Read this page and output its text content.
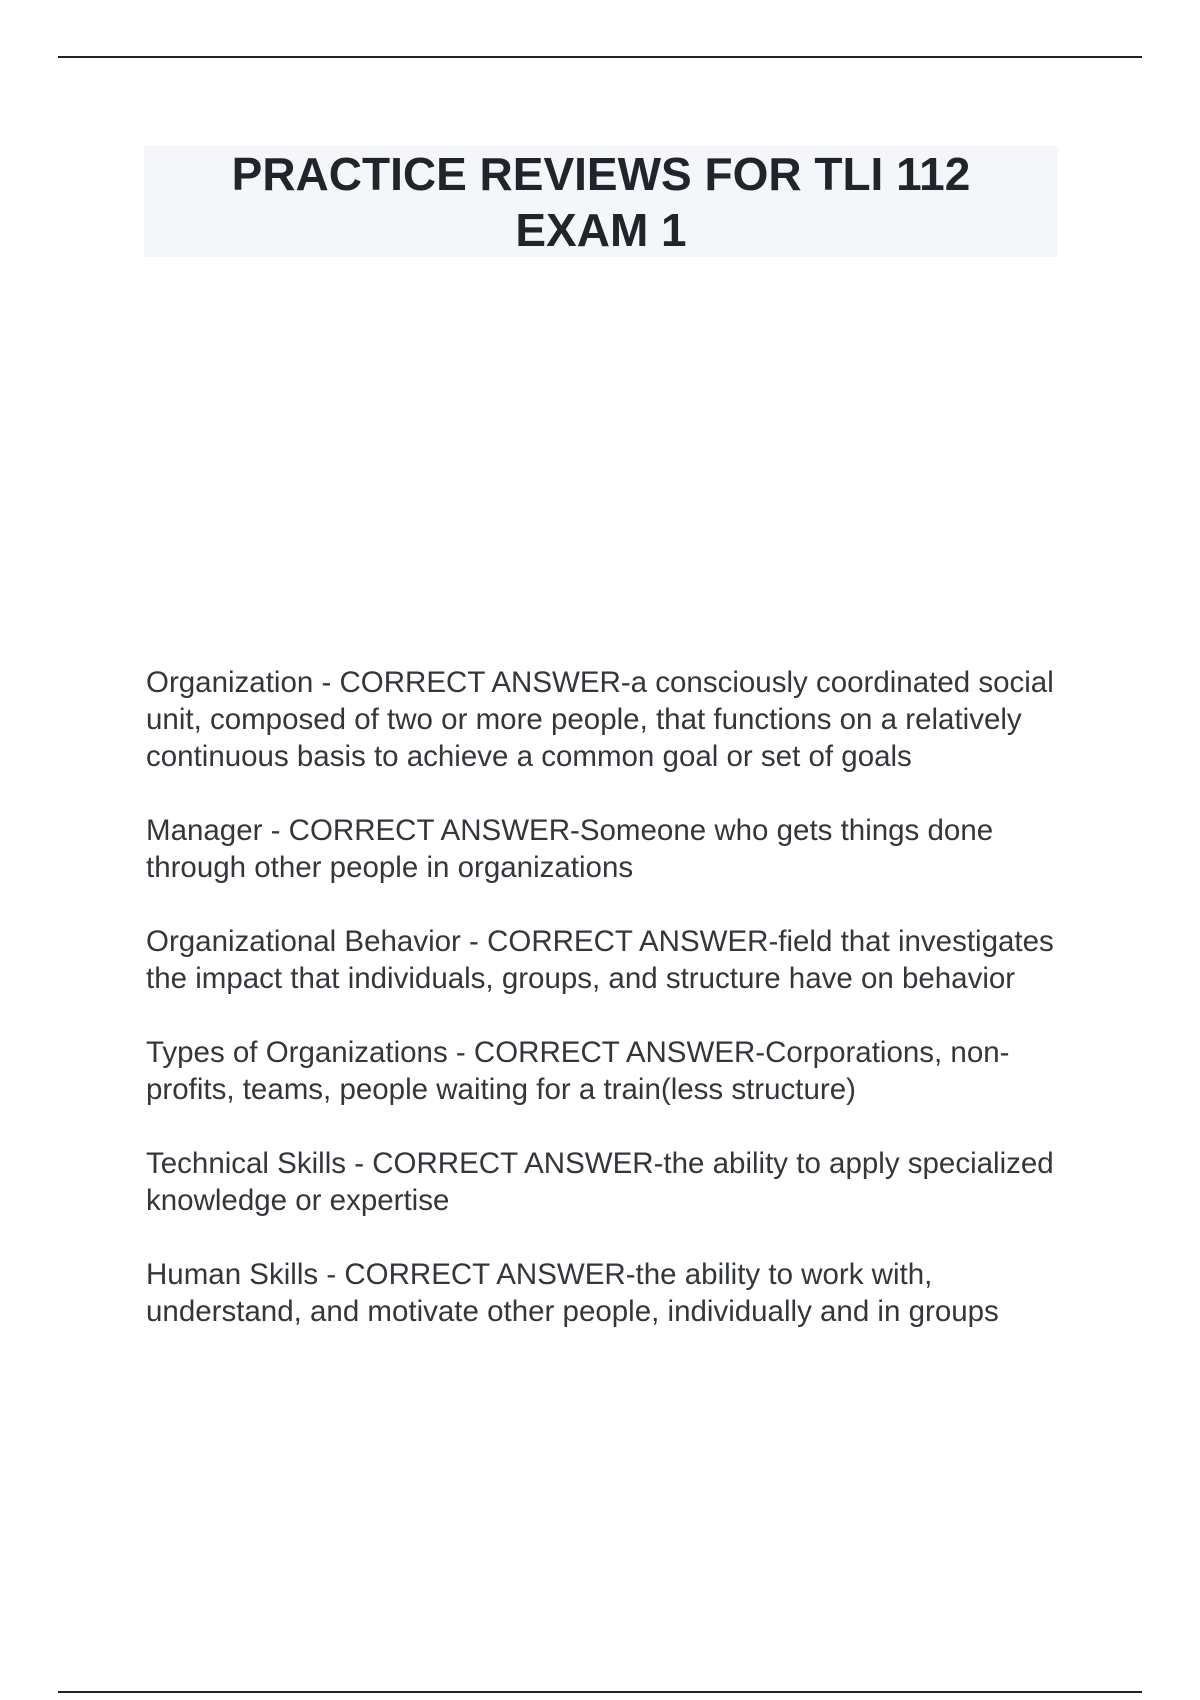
PRACTICE REVIEWS FOR TLI 112 EXAM 1

Organization - CORRECT ANSWER-a consciously coordinated social unit, composed of two or more people, that functions on a relatively continuous basis to achieve a common goal or set of goals

Manager - CORRECT ANSWER-Someone who gets things done through other people in organizations

Organizational Behavior - CORRECT ANSWER-field that investigates the impact that individuals, groups, and structure have on behavior

Types of Organizations - CORRECT ANSWER-Corporations, non-profits, teams, people waiting for a train(less structure)

Technical Skills - CORRECT ANSWER-the ability to apply specialized knowledge or expertise

Human Skills - CORRECT ANSWER-the ability to work with, understand, and motivate other people, individually and in groups
